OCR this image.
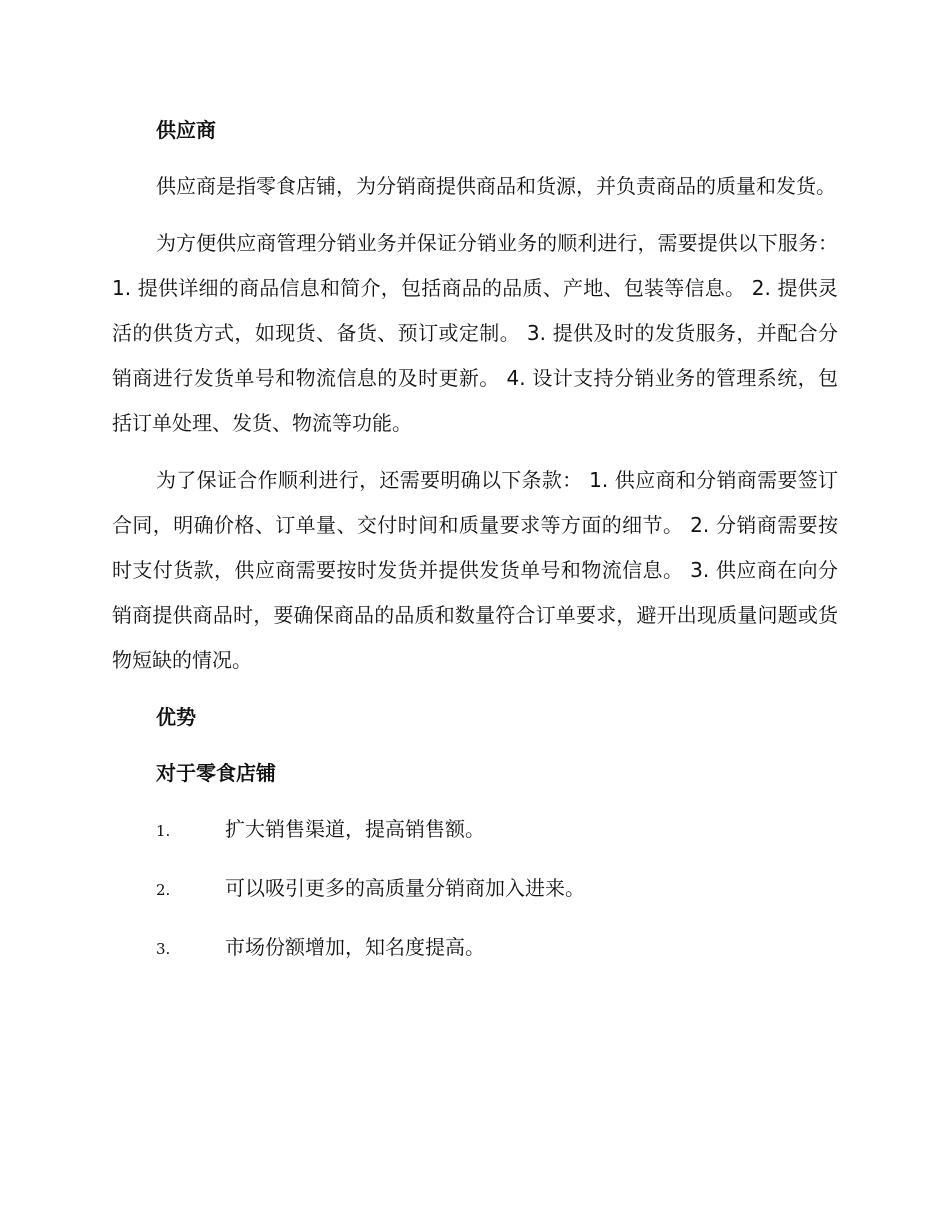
供应商

供应商是指零食店铺，为分销商提供商品和货源，并负责商品的质量和发货。

为方便供应商管理分销业务并保证分销业务的顺利进行，需要提供以下服务： 1. 提供详细的商品信息和简介，包括商品的品质、产地、包装等信息。 2. 提供灵活的供货方式，如现货、备货、预订或定制。 3. 提供及时的发货服务，并配合分销商进行发货单号和物流信息的及时更新。 4. 设计支持分销业务的管理系统，包括订单处理、发货、物流等功能。

为了保证合作顺利进行，还需要明确以下条款： 1. 供应商和分销商需要签订合同，明确价格、订单量、交付时间和质量要求等方面的细节。 2. 分销商需要按时支付货款，供应商需要按时发货并提供发货单号和物流信息。 3. 供应商在向分销商提供商品时，要确保商品的品质和数量符合订单要求，避开出现质量问题或货物短缺的情况。

优势
对于零食店铺
1.	扩大销售渠道，提高销售额。
2.	可以吸引更多的高质量分销商加入进来。
3.	市场份额增加，知名度提高。
